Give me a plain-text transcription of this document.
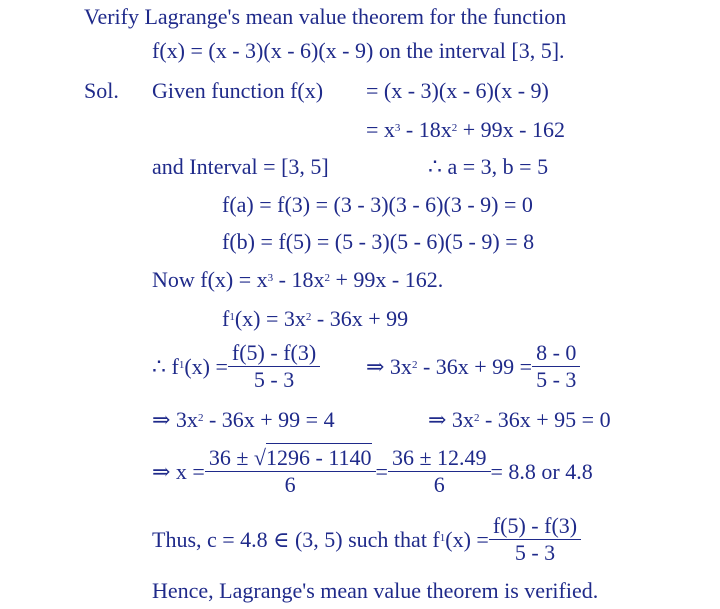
Verify Lagrange's mean value theorem for the function
f(x) = (x - 3)(x - 6)(x - 9) on the interval [3, 5].
Sol. Given function f(x) = (x - 3)(x - 6)(x - 9)
= $x^3 - 18x^2 + 99x - 162$
and Interval = [3, 5]	∴ a = 3, b = 5
f(a) = f(3) = (3 - 3)(3 - 6)(3 - 9) = 0
f(b) = f(5) = (5 - 3)(5 - 6)(5 - 9) = 8
Now $f(x) = x^3 - 18x^2 + 99x - 162$.
$f^1(x) = 3x^2 - 36x + 99$
∴ $f^1(x) = \frac{f(5) - f(3)}{5 - 3}$ ⇒ $3x^2 - 36x + 99 = \frac{8 - 0}{5 - 3}$
⇒ $3x^2 - 36x + 99 = 4$	⇒ $3x^2 - 36x + 95 = 0$
⇒ $x = \frac{36 \pm √1296 - 1140}{6} = \frac{36 \pm 12.49}{6} = 8.8$ or 4.8
Thus, c = 4.8 ∈ (3, 5) such that $f^1(x) = \frac{f(5) - f(3)}{5 - 3}$
Hence, Lagrange's mean value theorem is verified.
